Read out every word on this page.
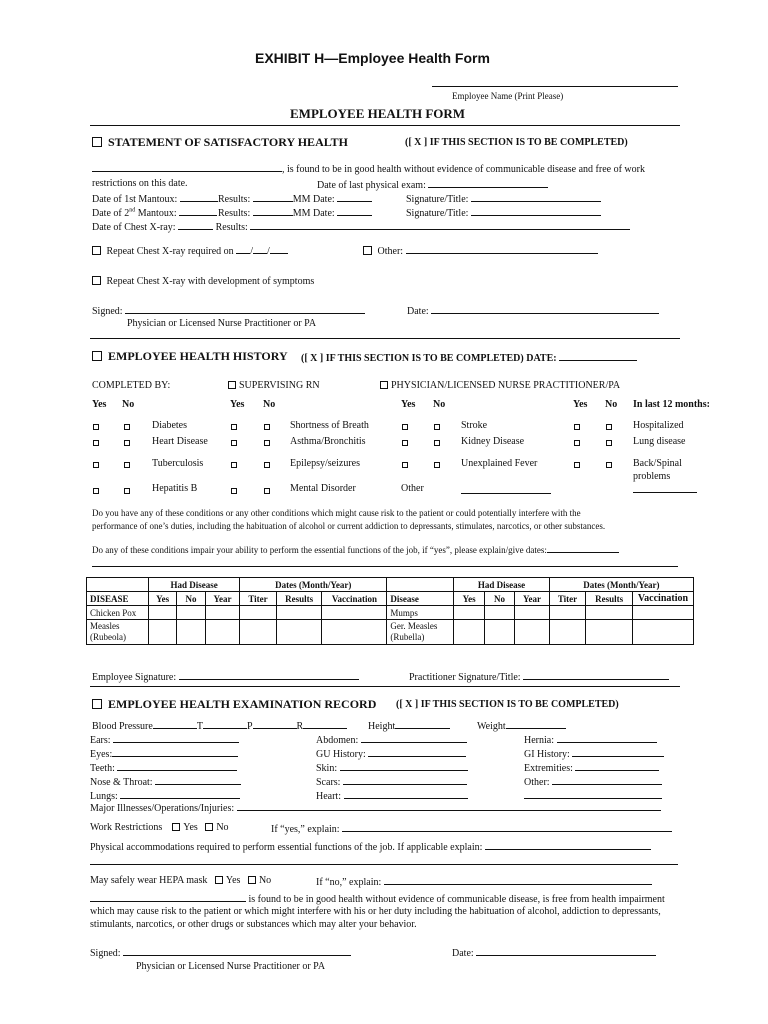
EXHIBIT H—Employee Health Form
Employee Name (Print Please)
EMPLOYEE HEALTH FORM
STATEMENT OF SATISFACTORY HEALTH	([ X ] IF THIS SECTION IS TO BE COMPLETED)
, is found to be in good health without evidence of communicable disease and free of work
restrictions on this date.	Date of last physical exam:
Date of 1st Mantoux:	Results:	MM Date:	Signature/Title:
Date of 2nd Mantoux:	Results:	MM Date:	Signature/Title:
Date of Chest X-ray:	Results:
Repeat Chest X-ray required on / /	Other:
Repeat Chest X-ray with development of symptoms
Signed:	Date:
Physician or Licensed Nurse Practitioner or PA
EMPLOYEE HEALTH HISTORY ([ X ] IF THIS SECTION IS TO BE COMPLETED) DATE:
COMPLETED BY:	SUPERVISING RN	PHYSICIAN/LICENSED NURSE PRACTITIONER/PA
Yes No	Yes No	Yes No	Yes No In last 12 months:
Diabetes	Shortness of Breath	Stroke	Hospitalized
Heart Disease	Asthma/Bronchitis	Kidney Disease	Lung disease
Tuberculosis	Epilepsy/seizures	Unexplained Fever	Back/Spinal
problems
Hepatitis B	Mental Disorder	Other
Do you have any of these conditions or any other conditions which might cause risk to the patient or could potentially interfere with the
performance of one’s duties, including the habituation of alcohol or current addiction to depressants, stimulates, narcotics, or other substances.
Do any of these conditions impair your ability to perform the essential functions of the job, if “yes”, please explain/give dates:
	Had Disease			Dates (Month/Year)				Had Disease			Dates (Month/Year)		
DISEASE	Yes	No	Year	Titer	Results	Vaccination	Disease	Yes	No	Year	Titer	Results	Vaccination
Chicken Pox							Mumps						
Measles
(Rubeola)							Ger. Measles
(Rubella)						
Employee Signature:	Practitioner Signature/Title:
EMPLOYEE HEALTH EXAMINATION RECORD ([ X ] IF THIS SECTION IS TO BE COMPLETED)
Blood Pressure	T	P	R	Height	Weight
Ears:
Eyes:
Teeth:
Nose & Throat:
Lungs:
Abdomen:
GU History:
Skin:
Scars:
Heart:
Hernia:
GI History:
Extremities:
Other:
Major Illnesses/Operations/Injuries:
Work Restrictions Yes No	If “yes,” explain:
Physical accommodations required to perform essential functions of the job. If applicable explain:
May safely wear HEPA mask Yes No	If “no,” explain:
is found to be in good health without evidence of communicable disease, is free from health impairment
which may cause risk to the patient or which might interfere with his or her duty including the habituation of alcohol, addiction to depressants,
stimulants, narcotics, or other drugs or substances which may alter your behavior.
Signed:	Date:
Physician or Licensed Nurse Practitioner or PA
